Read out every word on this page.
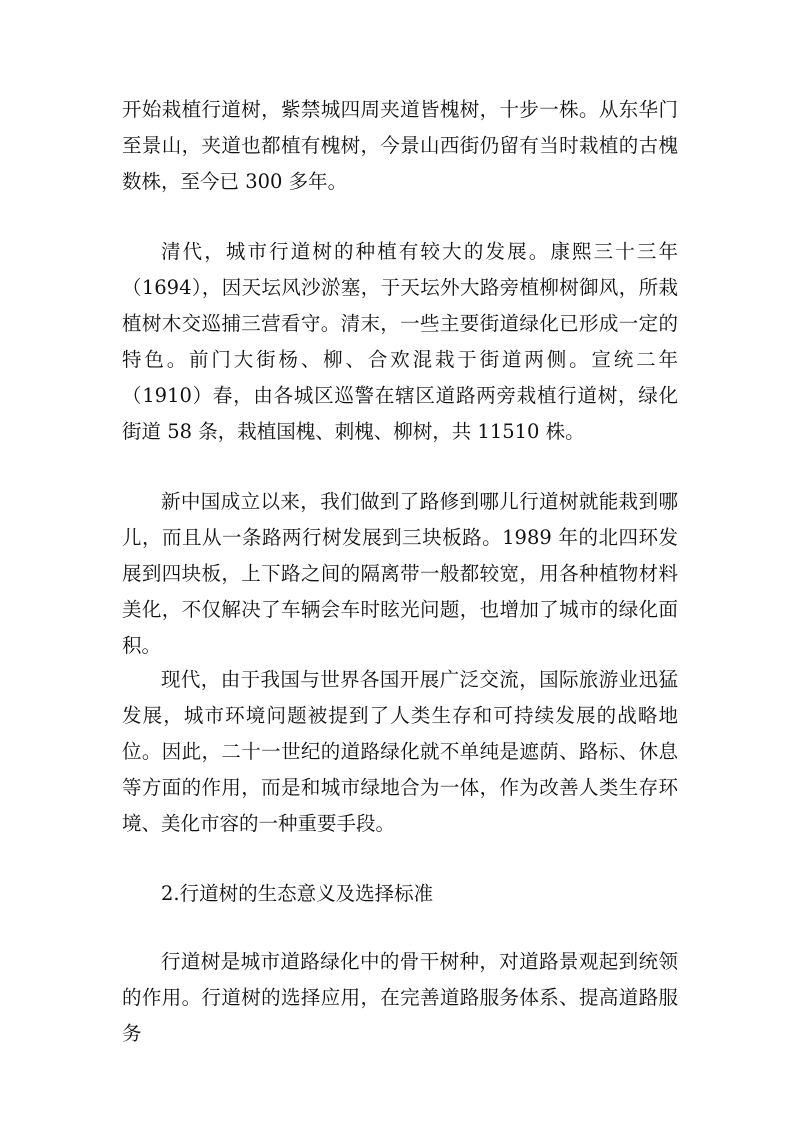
开始栽植行道树，紫禁城四周夹道皆槐树，十步一株。从东华门至景山，夹道也都植有槐树，今景山西街仍留有当时栽植的古槐数株，至今已 300 多年。

清代，城市行道树的种植有较大的发展。康熙三十三年（1694），因天坛风沙淤塞，于天坛外大路旁植柳树御风，所栽植树木交巡捕三营看守。清末，一些主要街道绿化已形成一定的特色。前门大街杨、柳、合欢混栽于街道两侧。宣统二年（1910）春，由各城区巡警在辖区道路两旁栽植行道树，绿化街道 58 条，栽植国槐、刺槐、柳树，共 11510 株。

新中国成立以来，我们做到了路修到哪儿行道树就能栽到哪儿，而且从一条路两行树发展到三块板路。1989 年的北四环发展到四块板，上下路之间的隔离带一般都较宽，用各种植物材料美化，不仅解决了车辆会车时眩光问题，也增加了城市的绿化面积。

现代，由于我国与世界各国开展广泛交流，国际旅游业迅猛发展，城市环境问题被提到了人类生存和可持续发展的战略地位。因此，二十一世纪的道路绿化就不单纯是遮荫、路标、休息等方面的作用，而是和城市绿地合为一体，作为改善人类生存环境、美化市容的一种重要手段。

2.行道树的生态意义及选择标准

行道树是城市道路绿化中的骨干树种，对道路景观起到统领的作用。行道树的选择应用，在完善道路服务体系、提高道路服务
